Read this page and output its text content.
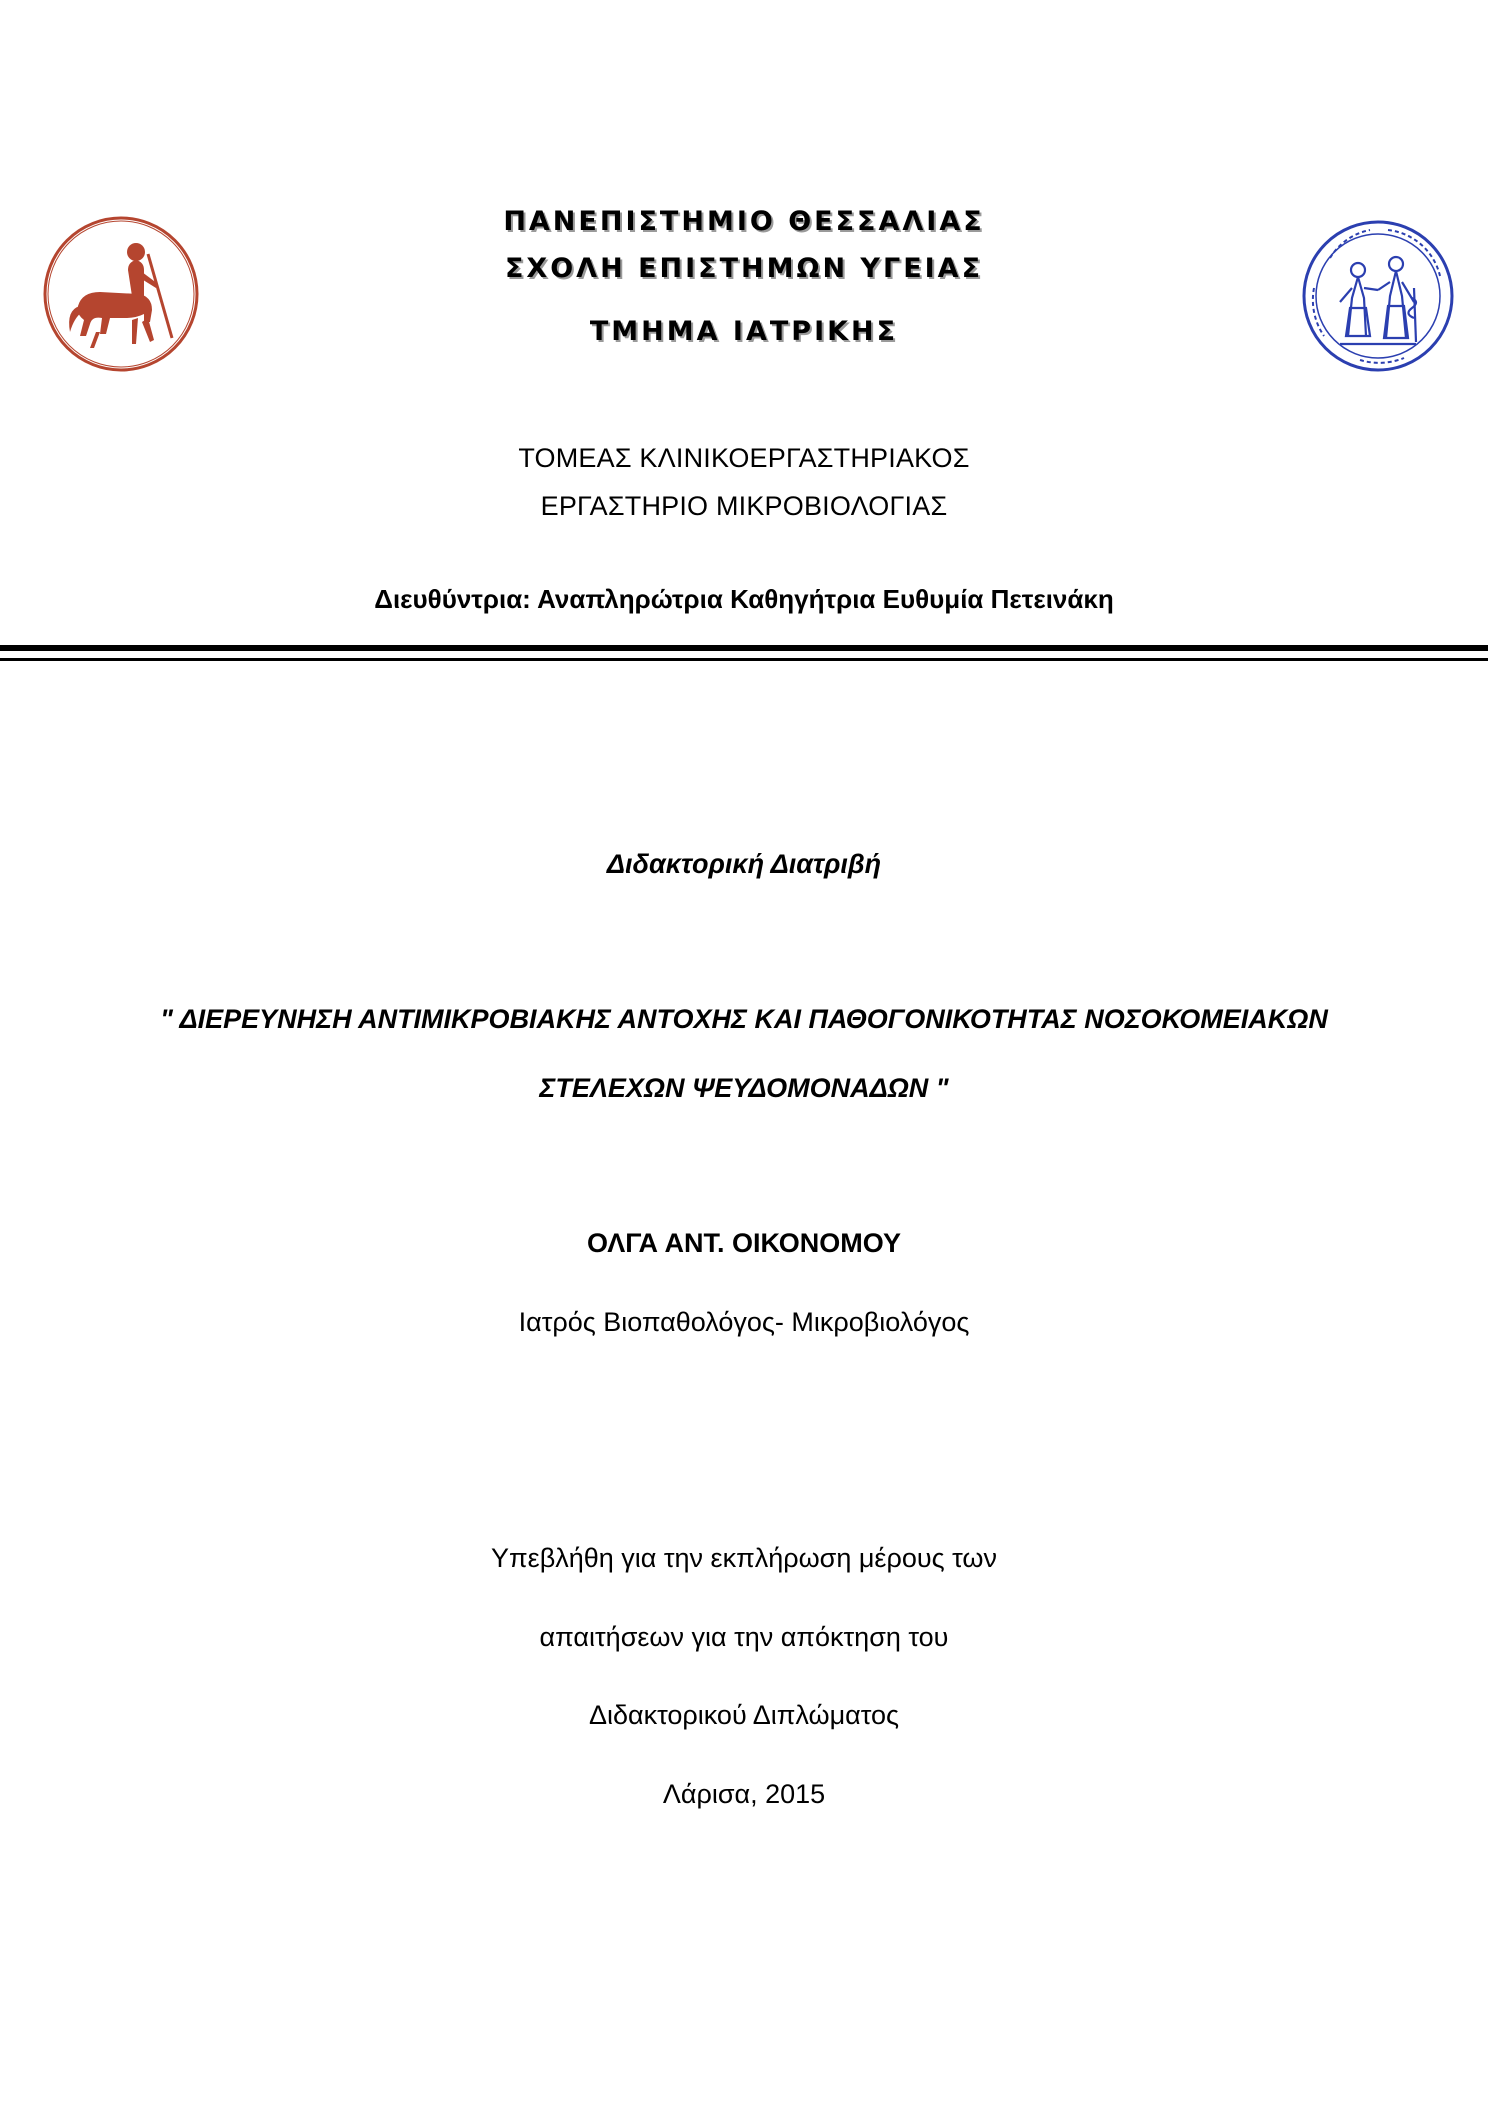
ΠΑΝΕΠΙΣΤΗΜΙΟ ΘΕΣΣΑΛΙΑΣ
ΣΧΟΛΗ ΕΠΙΣΤΗΜΩΝ ΥΓΕΙΑΣ
ΤΜΗΜΑ ΙΑΤΡΙΚΗΣ
ΤΟΜΕΑΣ ΚΛΙΝΙΚΟΕΡΓΑΣΤΗΡΙΑΚΟΣ
ΕΡΓΑΣΤΗΡΙΟ ΜΙΚΡΟΒΙΟΛΟΓΙΑΣ
Διευθύντρια: Αναπληρώτρια Καθηγήτρια Ευθυμία Πετεινάκη
Διδακτορική Διατριβή
" ΔΙΕΡΕΥΝΗΣΗ ΑΝΤΙΜΙΚΡΟΒΙΑΚΗΣ ΑΝΤΟΧΗΣ ΚΑΙ ΠΑΘΟΓΟΝΙΚΟΤΗΤΑΣ ΝΟΣΟΚΟΜΕΙΑΚΩΝ
ΣΤΕΛΕΧΩΝ ΨΕΥΔΟΜΟΝΑΔΩΝ "
ΟΛΓΑ ΑΝΤ. ΟΙΚΟΝΟΜΟΥ
Ιατρός Βιοπαθολόγος- Μικροβιολόγος
Υπεβλήθη για την εκπλήρωση μέρους των
απαιτήσεων για την απόκτηση του
Διδακτορικού Διπλώματος
Λάρισα, 2015
